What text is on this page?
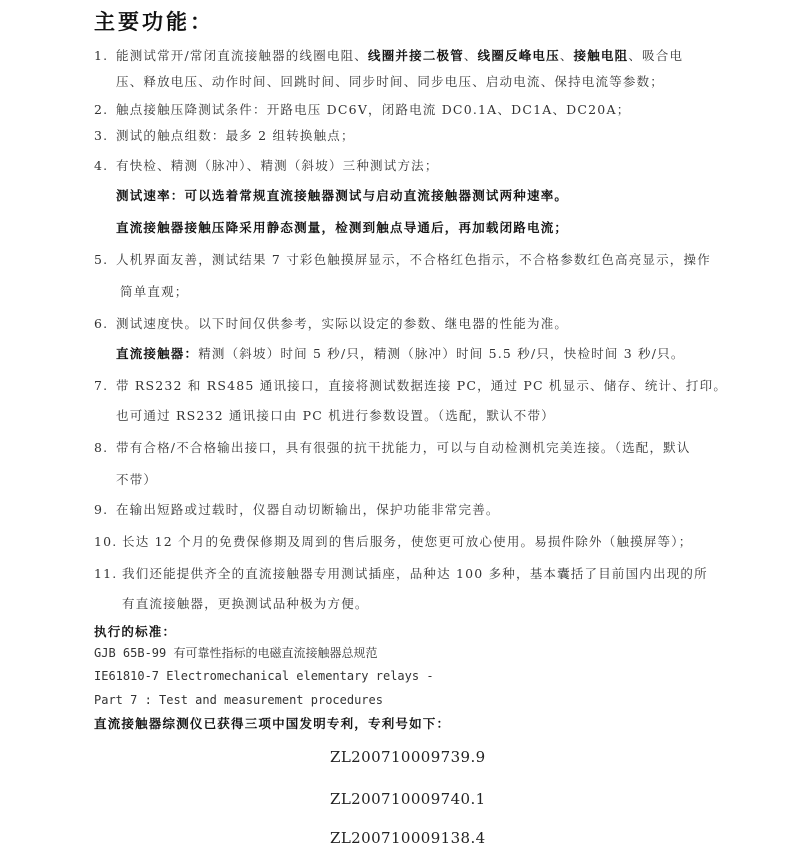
主要功能：
1. 能测试常开/常闭直流接触器的线圈电阻、线圈并接二极管、线圈反峰电压、接触电阻、吸合电
压、释放电压、动作时间、回跳时间、同步时间、同步电压、启动电流、保持电流等参数；
2. 触点接触压降测试条件：开路电压 DC6V，闭路电流 DC0.1A、DC1A、DC20A；
3. 测试的触点组数：最多 2 组转换触点；
4. 有快检、精测（脉冲）、精测（斜坡）三种测试方法；
测试速率：可以选着常规直流接触器测试与启动直流接触器测试两种速率。
直流接触器接触压降采用静态测量，检测到触点导通后，再加载闭路电流；
5. 人机界面友善，测试结果 7 寸彩色触摸屏显示，不合格红色指示，不合格参数红色高亮显示，操作
简单直观；
6. 测试速度快。以下时间仅供参考，实际以设定的参数、继电器的性能为准。
直流接触器：精测（斜坡）时间 5 秒/只，精测（脉冲）时间 5.5 秒/只，快检时间 3 秒/只。
7. 带 RS232 和 RS485 通讯接口，直接将测试数据连接 PC，通过 PC 机显示、储存、统计、打印。
也可通过 RS232 通讯接口由 PC 机进行参数设置。（选配，默认不带）
8. 带有合格/不合格输出接口，具有很强的抗干扰能力，可以与自动检测机完美连接。（选配，默认
不带）
9. 在输出短路或过载时，仪器自动切断输出，保护功能非常完善。
10. 长达 12 个月的免费保修期及周到的售后服务，使您更可放心使用。易损件除外（触摸屏等）；
11. 我们还能提供齐全的直流接触器专用测试插座，品种达 100 多种，基本囊括了目前国内出现的所
有直流接触器，更换测试品种极为方便。
执行的标准：
GJB 65B-99 有可靠性指标的电磁直流接触器总规范
IE61810-7 Electromechanical elementary relays -
Part 7 : Test and measurement procedures
直流接触器综测仪已获得三项中国发明专利，专利号如下：
ZL200710009739.9
ZL200710009740.1
ZL200710009138.4
